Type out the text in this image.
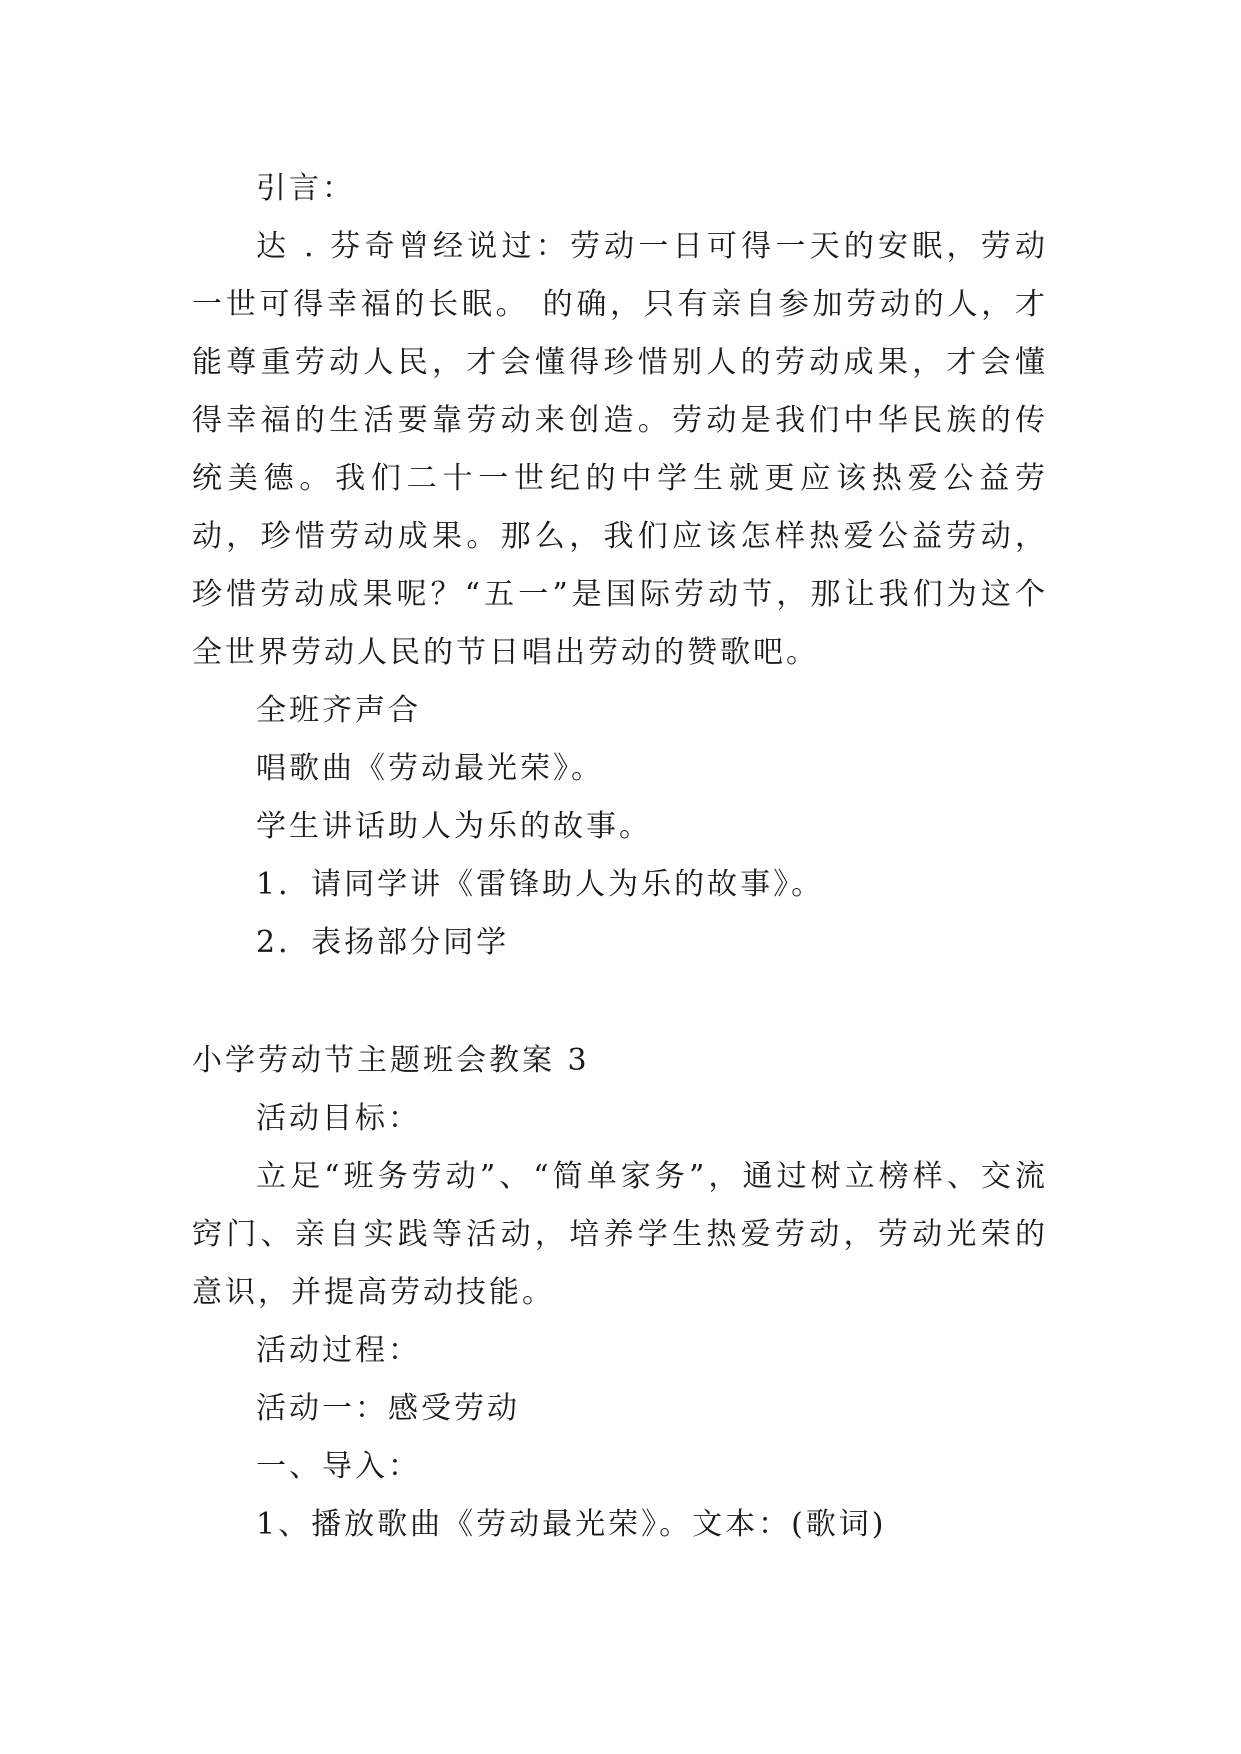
引言：

达 . 芬奇曾经说过：劳动一日可得一天的安眠，劳动一世可得幸福的长眠。 的确，只有亲自参加劳动的人，才能尊重劳动人民，才会懂得珍惜别人的劳动成果，才会懂得幸福的生活要靠劳动来创造。劳动是我们中华民族的传统美德。我们二十一世纪的中学生就更应该热爱公益劳动，珍惜劳动成果。那么，我们应该怎样热爱公益劳动，珍惜劳动成果呢？“五一”是国际劳动节，那让我们为这个全世界劳动人民的节日唱出劳动的赞歌吧。

全班齐声合

唱歌曲《劳动最光荣》。

学生讲话助人为乐的故事。

1．请同学讲《雷锋助人为乐的故事》。

2．表扬部分同学

小学劳动节主题班会教案 3

活动目标：

立足“班务劳动”、“简单家务”，通过树立榜样、交流窍门、亲自实践等活动，培养学生热爱劳动，劳动光荣的意识，并提高劳动技能。

活动过程：

活动一：感受劳动

一、导入：

1、播放歌曲《劳动最光荣》。文本：(歌词)
